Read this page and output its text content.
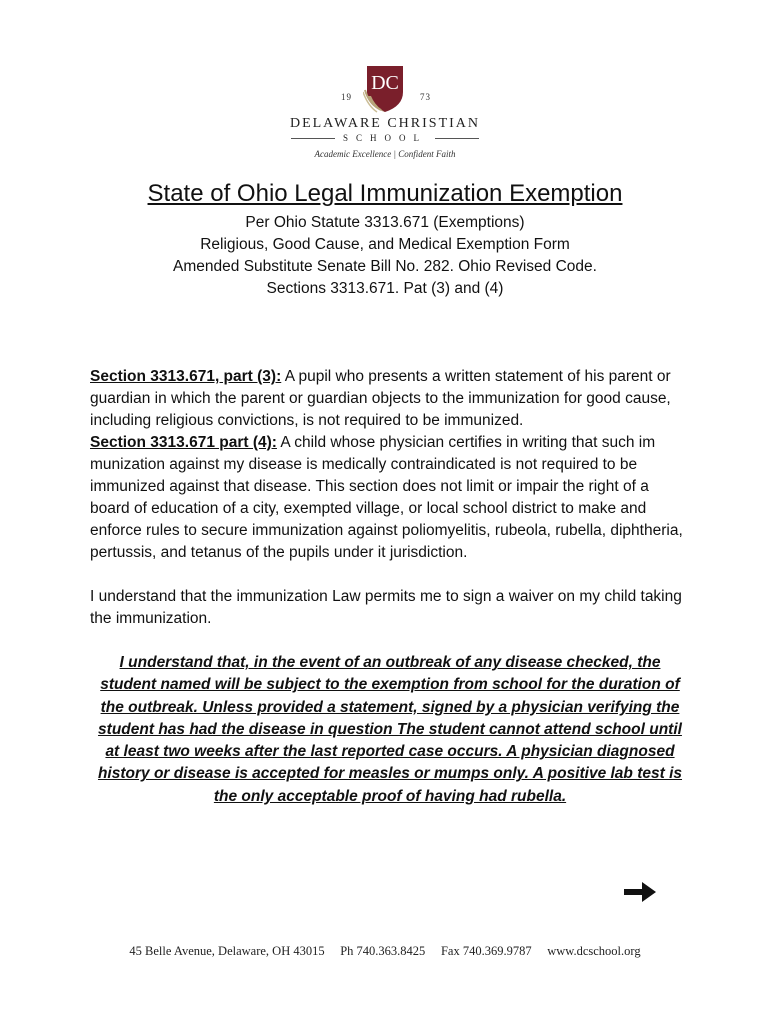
DC
19	73
DELAWARE CHRISTIAN
SCHOOL
Academic Excellence | Confident Faith
State of Ohio Legal Immunization Exemption
Per Ohio Statute 3313.671 (Exemptions)
Religious, Good Cause, and Medical Exemption Form
Amended Substitute Senate Bill No. 282. Ohio Revised Code.
Sections 3313.671. Pat (3) and (4)

Section 3313.671, part (3): A pupil who presents a written statement of his parent or guardian in which the parent or guardian objects to the immunization for good cause, including religious convictions, is not required to be immunized.

Section 3313.671 part (4): A child whose physician certifies in writing that such im munization against my disease is medically contraindicated is not required to be immunized against that disease. This section does not limit or impair the right of a board of education of a city, exempted village, or local school district to make and enforce rules to secure immunization against poliomyelitis, rubeola, rubella, diphtheria, pertussis, and tetanus of the pupils under it jurisdiction.

I understand that the immunization Law permits me to sign a waiver on my child taking the immunization.

I understand that, in the event of an outbreak of any disease checked, the student named will be subject to the exemption from school for the duration of the outbreak. Unless provided a statement, signed by a physician verifying the student has had the disease in question The student cannot attend school until at least two weeks after the last reported case occurs. A physician diagnosed history or disease is accepted for measles or mumps only. A positive lab test is the only acceptable proof of having had rubella.
45 Belle Avenue, Delaware, OH 43015 Ph 740.363.8425 Fax 740.369.9787 www.dcschool.org
